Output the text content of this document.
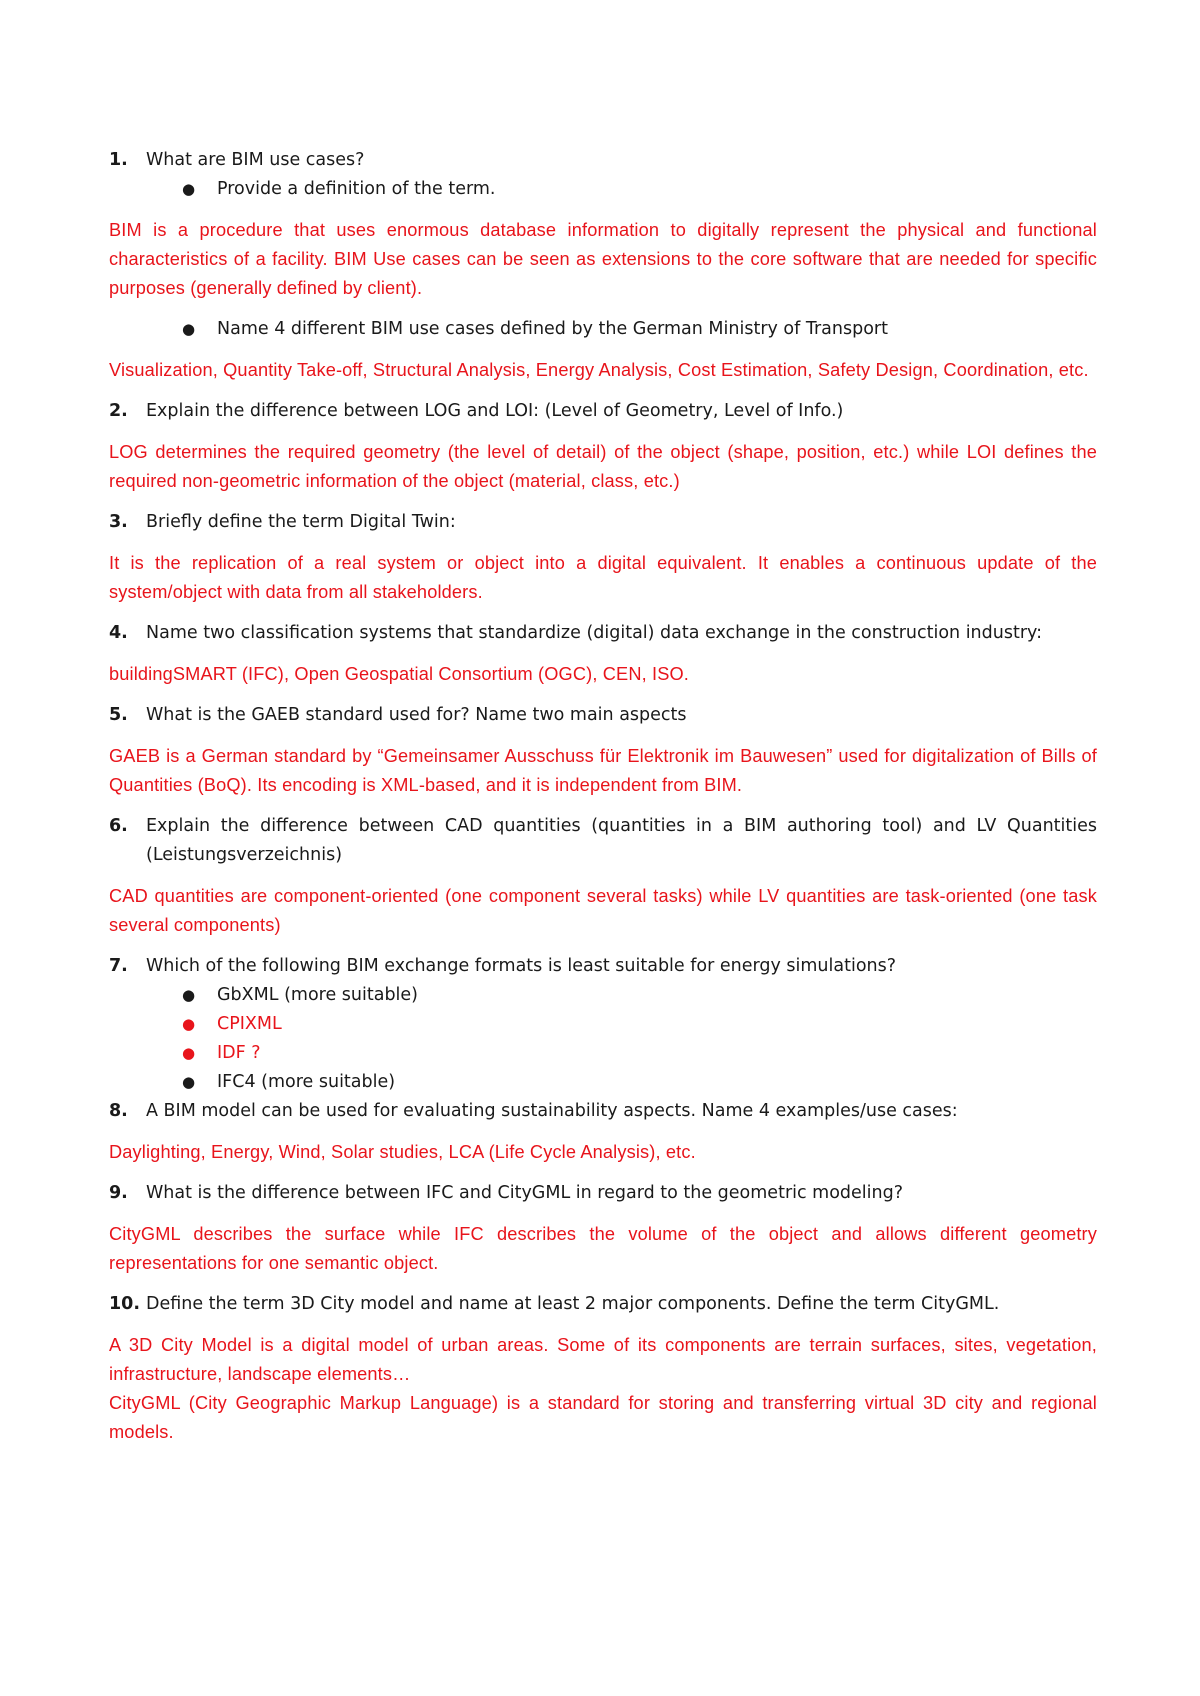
1.	What are BIM use cases?
●	Provide a definition of the term.

BIM is a procedure that uses enormous database information to digitally represent the physical and functional characteristics of a facility. BIM Use cases can be seen as extensions to the core software that are needed for specific purposes (generally defined by client).

●	Name 4 different BIM use cases defined by the German Ministry of Transport

Visualization, Quantity Take-off, Structural Analysis, Energy Analysis, Cost Estimation, Safety Design, Coordination, etc.

2.	Explain the difference between LOG and LOI: (Level of Geometry, Level of Info.)

LOG determines the required geometry (the level of detail) of the object (shape, position, etc.) while LOI defines the required non-geometric information of the object (material, class, etc.)

3.	Briefly define the term Digital Twin:

It is the replication of a real system or object into a digital equivalent. It enables a continuous update of the system/object with data from all stakeholders.

4.	Name two classification systems that standardize (digital) data exchange in the construction industry:

buildingSMART (IFC), Open Geospatial Consortium (OGC), CEN, ISO.

5.	What is the GAEB standard used for? Name two main aspects

GAEB is a German standard by “Gemeinsamer Ausschuss für Elektronik im Bauwesen” used for digitalization of Bills of Quantities (BoQ). Its encoding is XML-based, and it is independent from BIM.

6.	Explain the difference between CAD quantities (quantities in a BIM authoring tool) and LV Quantities (Leistungsverzeichnis)

CAD quantities are component-oriented (one component several tasks) while LV quantities are task-oriented (one task several components)

7.	Which of the following BIM exchange formats is least suitable for energy simulations?
●	GbXML (more suitable)
●	CPIXML
●	IDF ?
●	IFC4 (more suitable)
8.	A BIM model can be used for evaluating sustainability aspects. Name 4 examples/use cases:

Daylighting, Energy, Wind, Solar studies, LCA (Life Cycle Analysis), etc.

9.	What is the difference between IFC and CityGML in regard to the geometric modeling?

CityGML describes the surface while IFC describes the volume of the object and allows different geometry representations for one semantic object.

10. Define the term 3D City model and name at least 2 major components. Define the term CityGML.

A 3D City Model is a digital model of urban areas. Some of its components are terrain surfaces, sites, vegetation, infrastructure, landscape elements…

CityGML (City Geographic Markup Language) is a standard for storing and transferring virtual 3D city and regional models.
